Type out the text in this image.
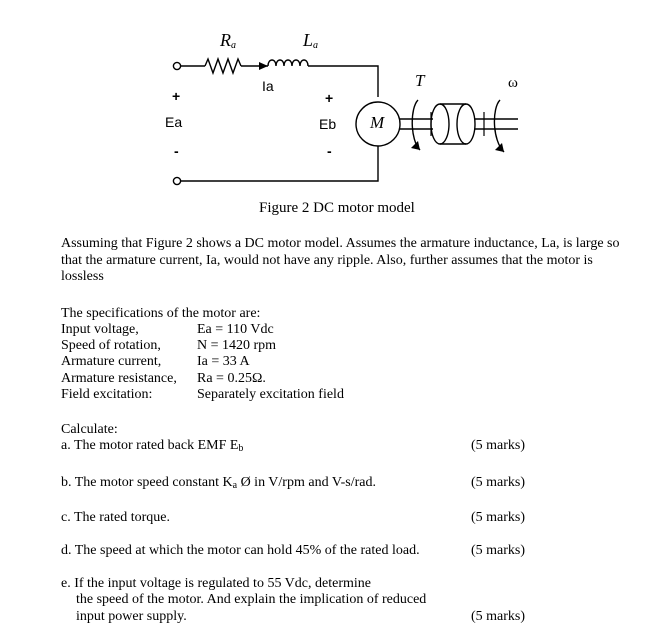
$R_a$	$L_a$
Ia	T	ω
+	+
Ea	Eb M
-	-
Figure 2 DC motor model
Assuming that Figure 2 shows a DC motor model. Assumes the armature inductance, La, is large so that the armature current, Ia, would not have any ripple. Also, further assumes that the motor is lossless
The specifications of the motor are:
Input voltage,	Ea = 110 Vdc
Speed of rotation,	N = 1420 rpm
Armature current,	Ia = 33 A
Armature resistance, Ra = 0.25Ω.
Field excitation:	Separately excitation field
Calculate:
a. The motor rated back EMF $E_b$	(5 marks)
b. The motor speed constant $K_a$ Ø in V/rpm and V-s/rad.	(5 marks)
c. The rated torque.	(5 marks)
d. The speed at which the motor can hold 45% of the rated load.	(5 marks)
e. If the input voltage is regulated to 55 Vdc, determine
the speed of the motor. And explain the implication of reduced
input power supply.	(5 marks)
